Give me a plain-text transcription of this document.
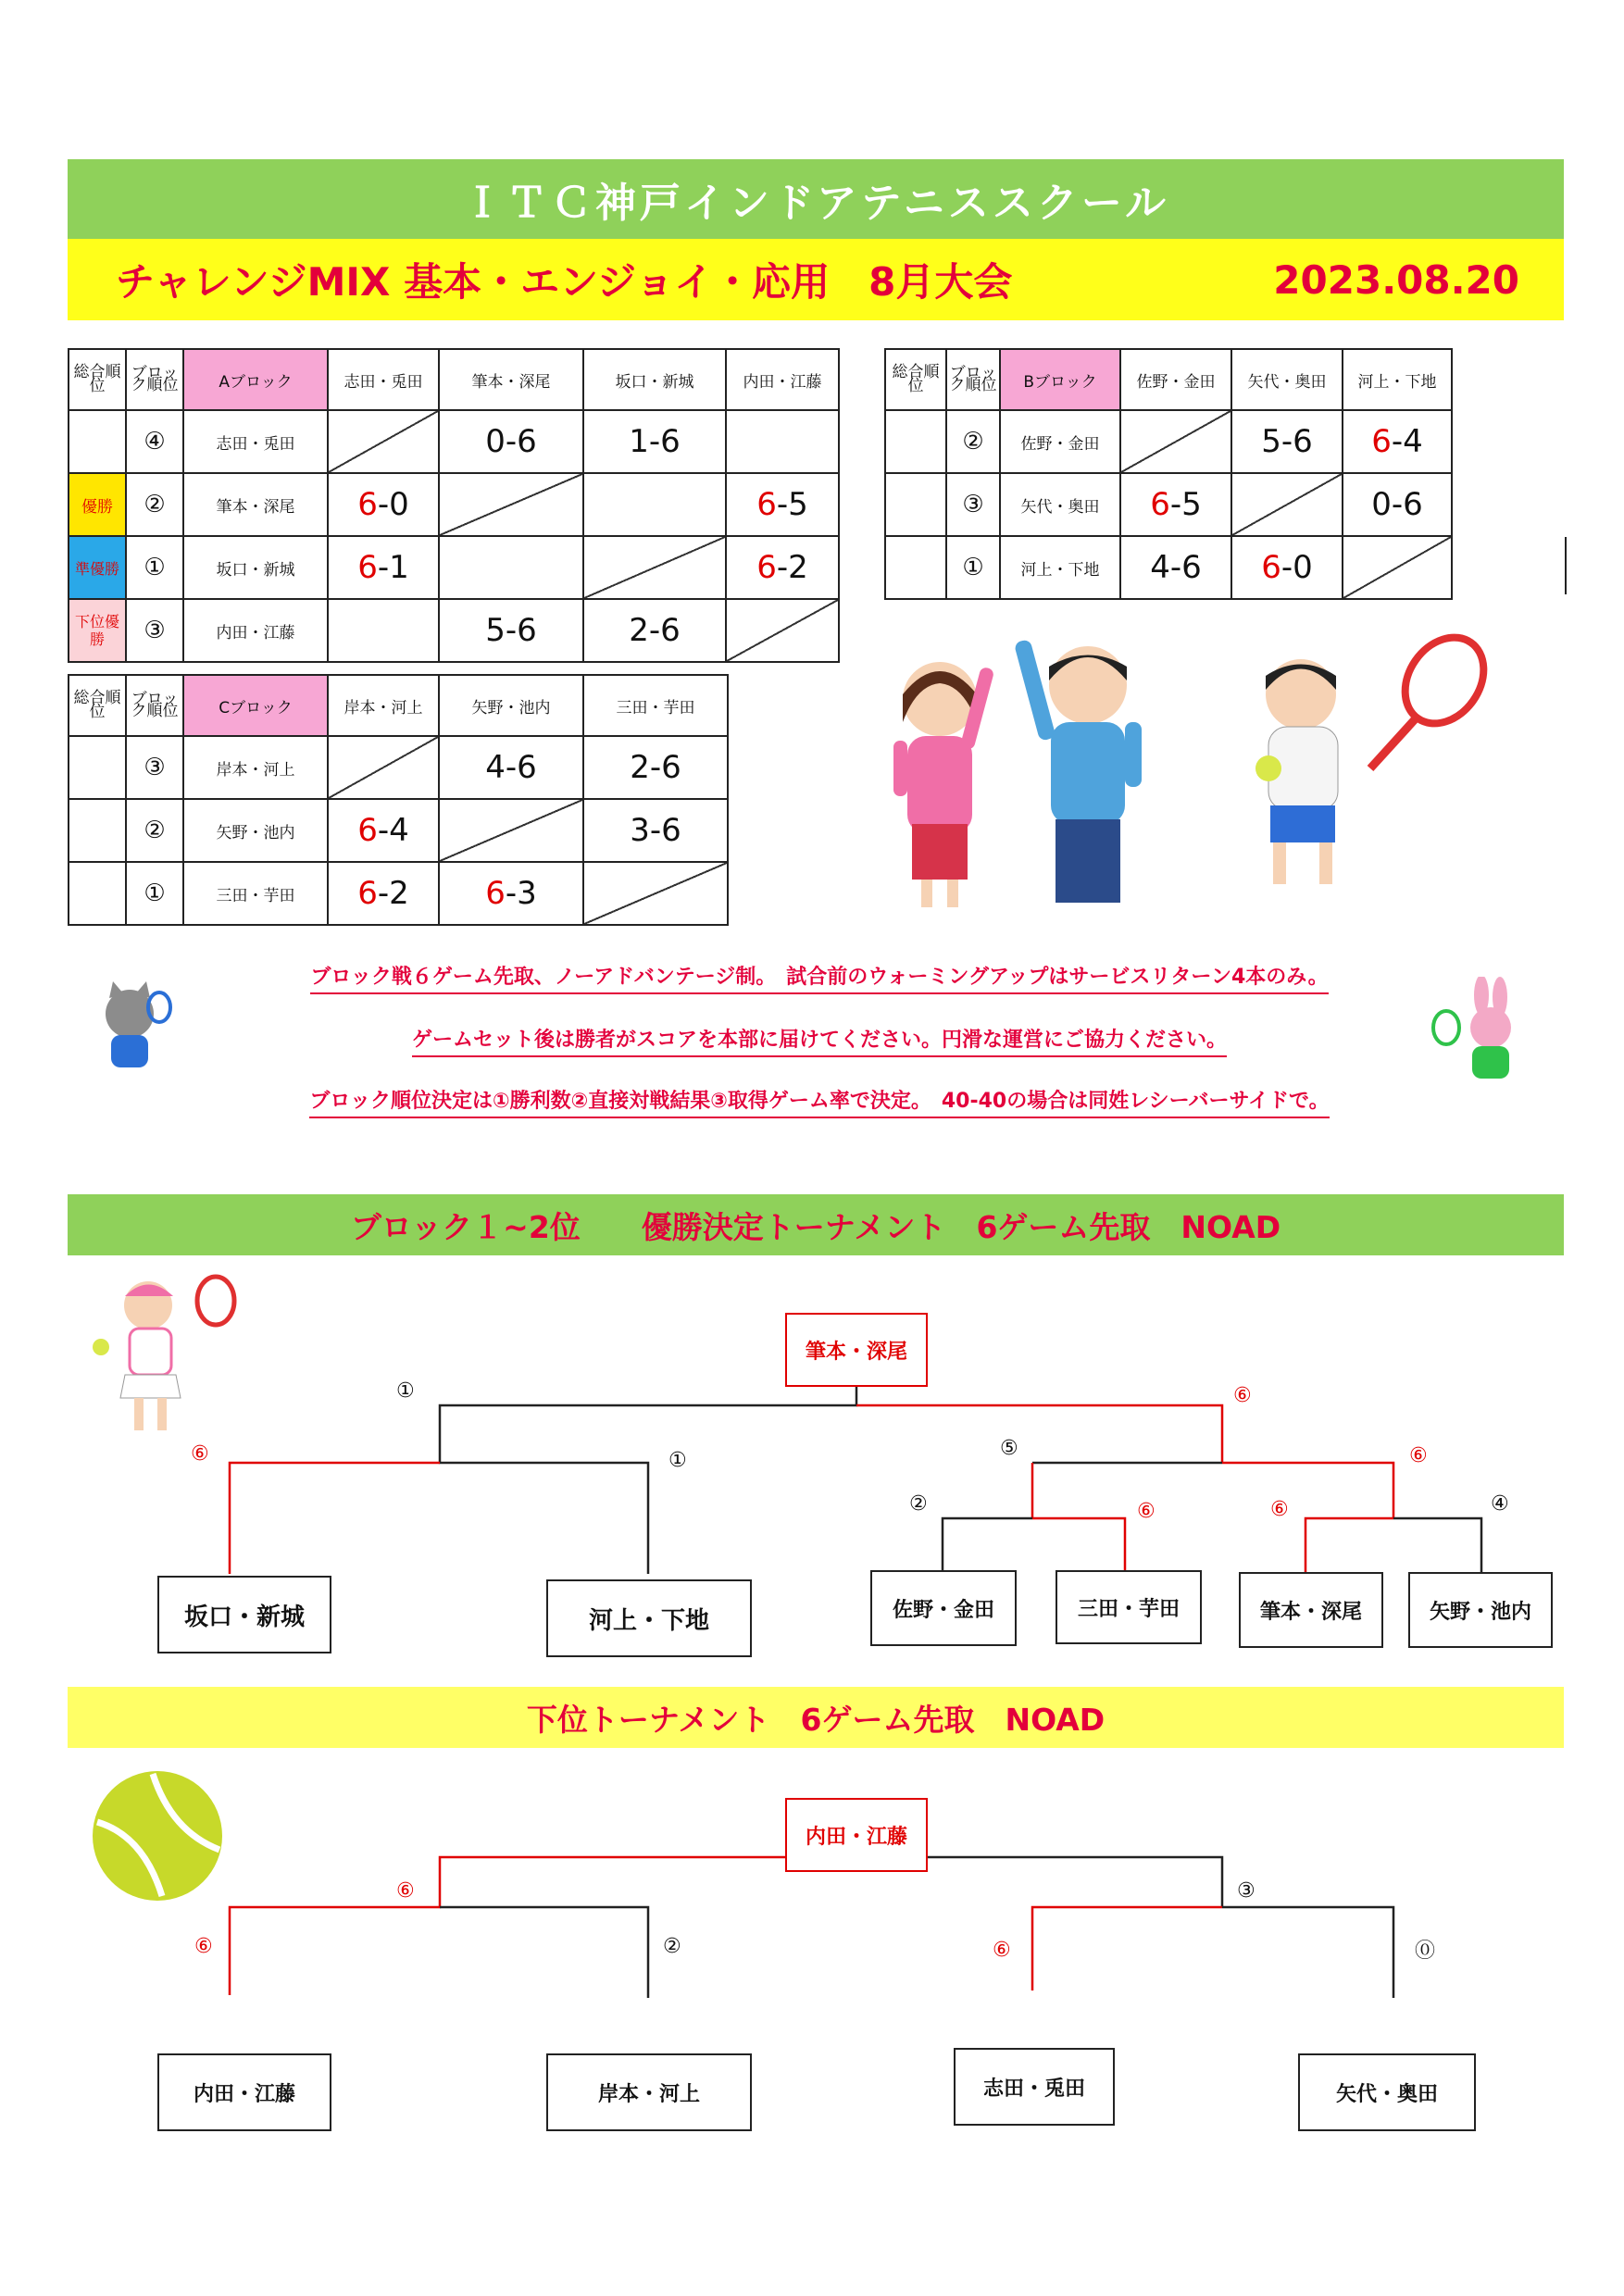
ＩＴＣ神戸インドアテニススクール
チャレンジMIX 基本・エンジョイ・応用　8月大会	2023.08.20
総合順位	ブロック順位	Aブロック	志田・兎田	筆本・深尾	坂口・新城	内田・江藤
	④	志田・兎田		0-6	1-6	
優勝	②	筆本・深尾	6-0			6-5
準優勝	①	坂口・新城	6-1			6-2
下位優勝	③	内田・江藤		5-6	2-6	
総合順位	ブロック順位	Bブロック	佐野・金田	矢代・奥田	河上・下地
	②	佐野・金田		5-6	6-4
	③	矢代・奥田	6-5		0-6
	①	河上・下地	4-6	6-0	
総合順位	ブロック順位	Cブロック	岸本・河上	矢野・池内	三田・芋田
	③	岸本・河上		4-6	2-6
	②	矢野・池内	6-4		3-6
	①	三田・芋田	6-2	6-3	
ブロック戦６ゲーム先取、ノーアドバンテージ制。　試合前のウォーミングアップはサービスリターン4本のみ。
ゲームセット後は勝者がスコアを本部に届けてください。円滑な運営にご協力ください。
ブロック順位決定は①勝利数②直接対戦結果③取得ゲーム率で決定。　40-40の場合は同姓レシーバーサイドで。
ブロック１~2位　　優勝決定トーナメント　6ゲーム先取　NOAD
筆本・深尾
坂口・新城	河上・下地	佐野・金田	三田・芋田	筆本・深尾	矢野・池内
⑥
①
①
⑥
②	⑥
⑤
⑥
⑥
④
下位トーナメント　6ゲーム先取　NOAD
内田・江藤
内田・江藤	岸本・河上	志田・兎田	矢代・奥田
⑥
②
⑥
③
⑥	⓪
